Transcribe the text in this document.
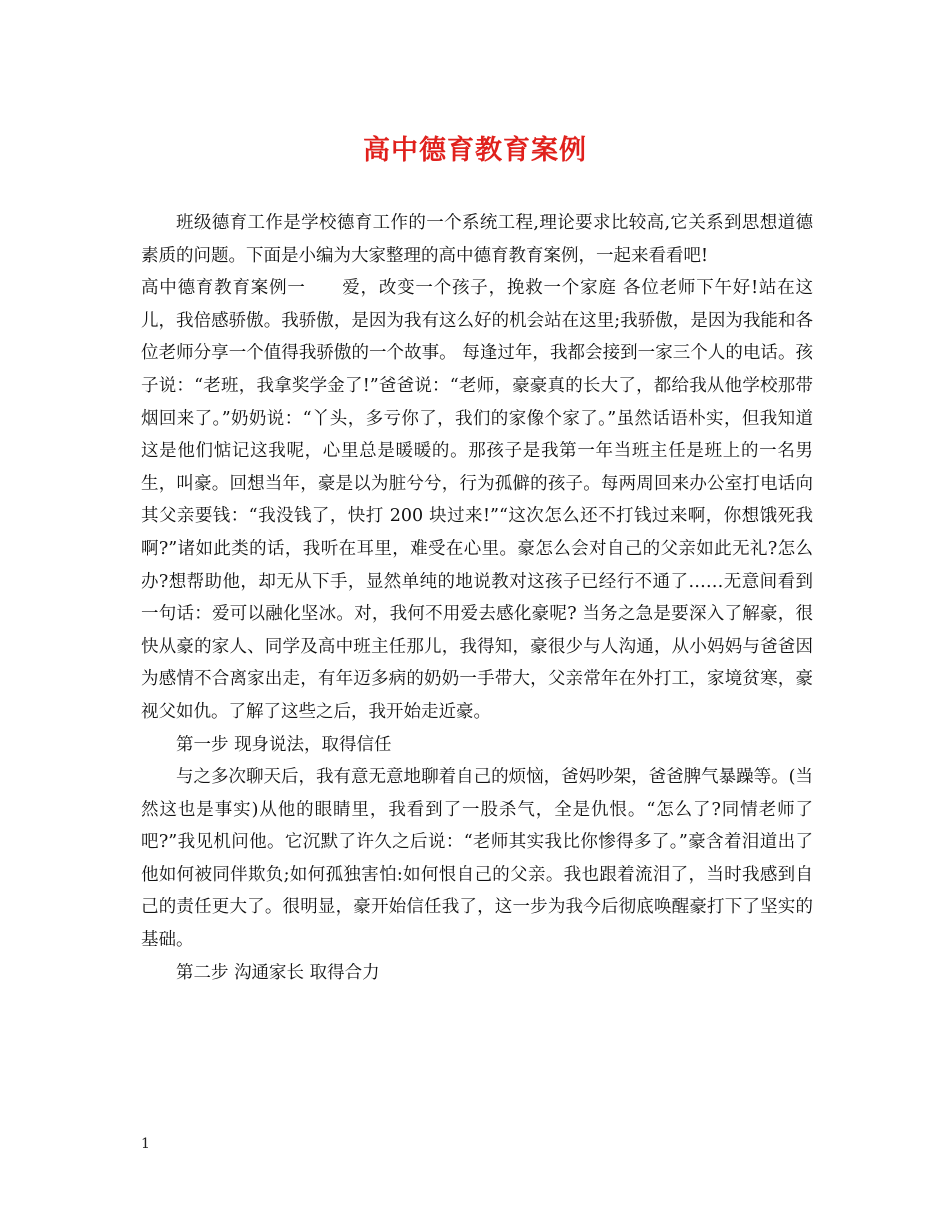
高中德育教育案例

班级德育工作是学校德育工作的一个系统工程,理论要求比较高,它关系到思想道德素质的问题。下面是小编为大家整理的高中德育教育案例，一起来看看吧!

高中德育教育案例一　　爱，改变一个孩子，挽救一个家庭 各位老师下午好!站在这儿，我倍感骄傲。我骄傲，是因为我有这么好的机会站在这里;我骄傲，是因为我能和各位老师分享一个值得我骄傲的一个故事。 每逢过年，我都会接到一家三个人的电话。孩子说：“老班，我拿奖学金了!”爸爸说：“老师，豪豪真的长大了，都给我从他学校那带烟回来了。”奶奶说：“丫头，多亏你了，我们的家像个家了。”虽然话语朴实，但我知道这是他们惦记这我呢，心里总是暖暖的。那孩子是我第一年当班主任是班上的一名男生，叫豪。回想当年，豪是以为脏兮兮，行为孤僻的孩子。每两周回来办公室打电话向其父亲要钱：“我没钱了，快打 200 块过来!”“这次怎么还不打钱过来啊，你想饿死我啊?”诸如此类的话，我听在耳里，难受在心里。豪怎么会对自己的父亲如此无礼?怎么办?想帮助他，却无从下手，显然单纯的地说教对这孩子已经行不通了……无意间看到一句话：爱可以融化坚冰。对，我何不用爱去感化豪呢? 当务之急是要深入了解豪，很快从豪的家人、同学及高中班主任那儿，我得知，豪很少与人沟通，从小妈妈与爸爸因为感情不合离家出走，有年迈多病的奶奶一手带大，父亲常年在外打工，家境贫寒，豪视父如仇。了解了这些之后，我开始走近豪。

第一步 现身说法，取得信任

与之多次聊天后，我有意无意地聊着自己的烦恼，爸妈吵架，爸爸脾气暴躁等。(当然这也是事实)从他的眼睛里，我看到了一股杀气，全是仇恨。“怎么了?同情老师了吧?”我见机问他。它沉默了许久之后说：“老师其实我比你惨得多了。”豪含着泪道出了他如何被同伴欺负;如何孤独害怕:如何恨自己的父亲。我也跟着流泪了，当时我感到自己的责任更大了。很明显，豪开始信任我了，这一步为我今后彻底唤醒豪打下了坚实的基础。

第二步 沟通家长 取得合力

1
